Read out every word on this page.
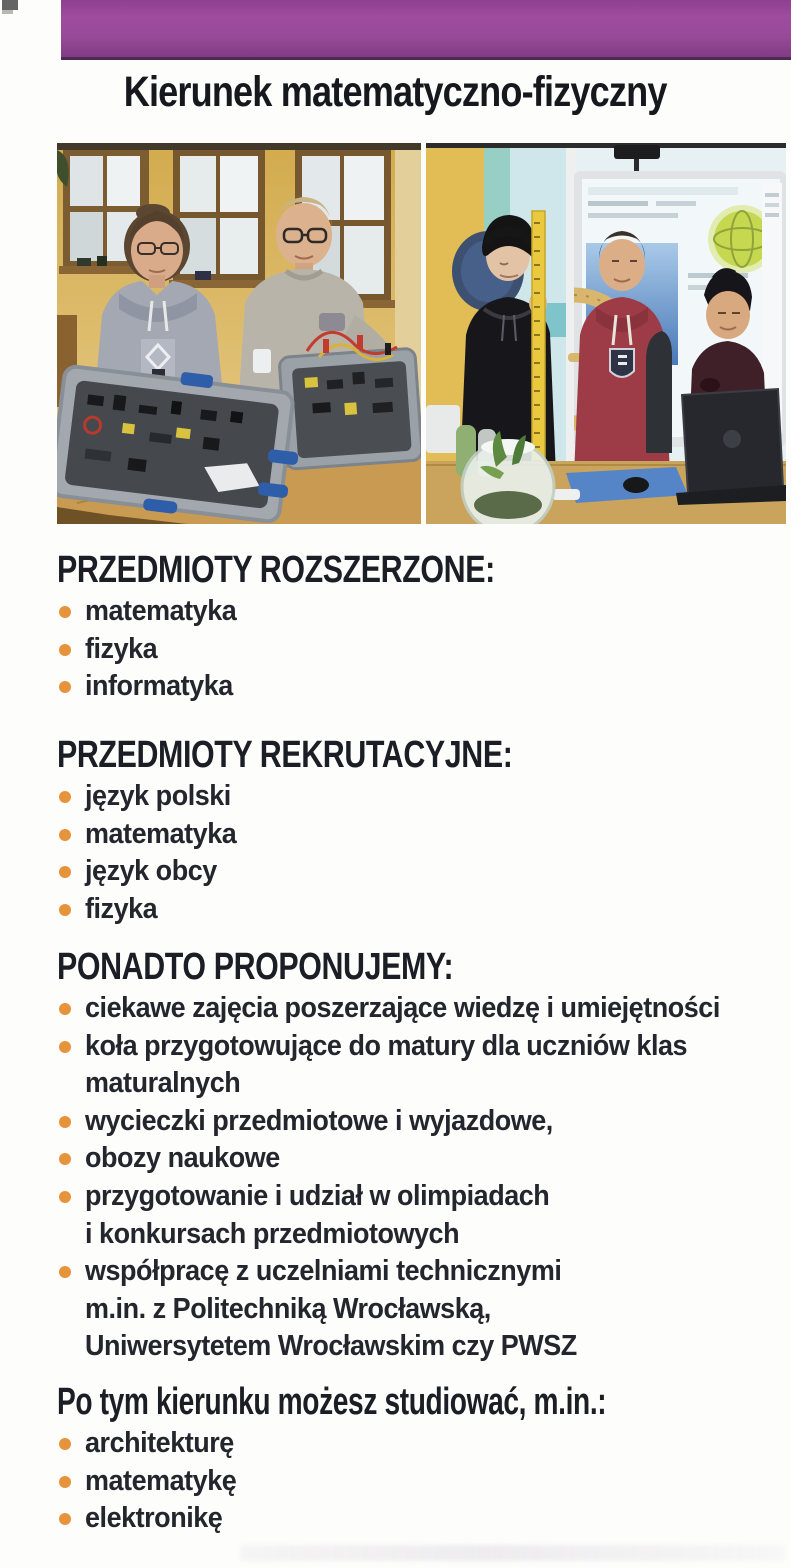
Kierunek matematyczno-fizyczny
PRZEDMIOTY ROZSZERZONE:
matematyka
fizyka
informatyka
PRZEDMIOTY REKRUTACYJNE:
język polski
matematyka
język obcy
fizyka
PONADTO PROPONUJEMY:
ciekawe zajęcia poszerzające wiedzę i umiejętności
koła przygotowujące do matury dla uczniów klas
maturalnych
wycieczki przedmiotowe i wyjazdowe,
obozy naukowe
przygotowanie i udział w olimpiadach
i konkursach przedmiotowych
współpracę z uczelniami technicznymi
m.in. z Politechniką Wrocławską,
Uniwersytetem Wrocławskim czy PWSZ
Po tym kierunku możesz studiować, m.in.:
architekturę
matematykę
elektronikę
